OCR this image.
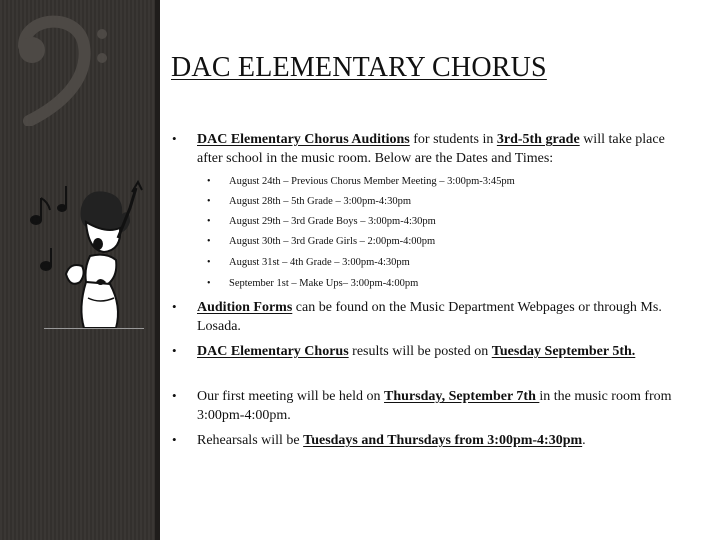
DAC ELEMENTARY CHORUS
• DAC Elementary Chorus Auditions for students in 3rd-5th grade will take place after school in the music room. Below are the Dates and Times:
• August 24th – Previous Chorus Member Meeting – 3:00pm-3:45pm
• August 28th – 5th Grade – 3:00pm-4:30pm
• August 29th – 3rd Grade Boys – 3:00pm-4:30pm
• August 30th – 3rd Grade Girls – 2:00pm-4:00pm
• August 31st – 4th Grade – 3:00pm-4:30pm
• September 1st – Make Ups– 3:00pm-4:00pm
• Audition Forms can be found on the Music Department Webpages or through Ms. Losada.
• DAC Elementary Chorus results will be posted on Tuesday September 5th.
• Our first meeting will be held on Thursday, September 7th in the music room from 3:00pm-4:00pm.
• Rehearsals will be Tuesdays and Thursdays from 3:00pm-4:30pm.
